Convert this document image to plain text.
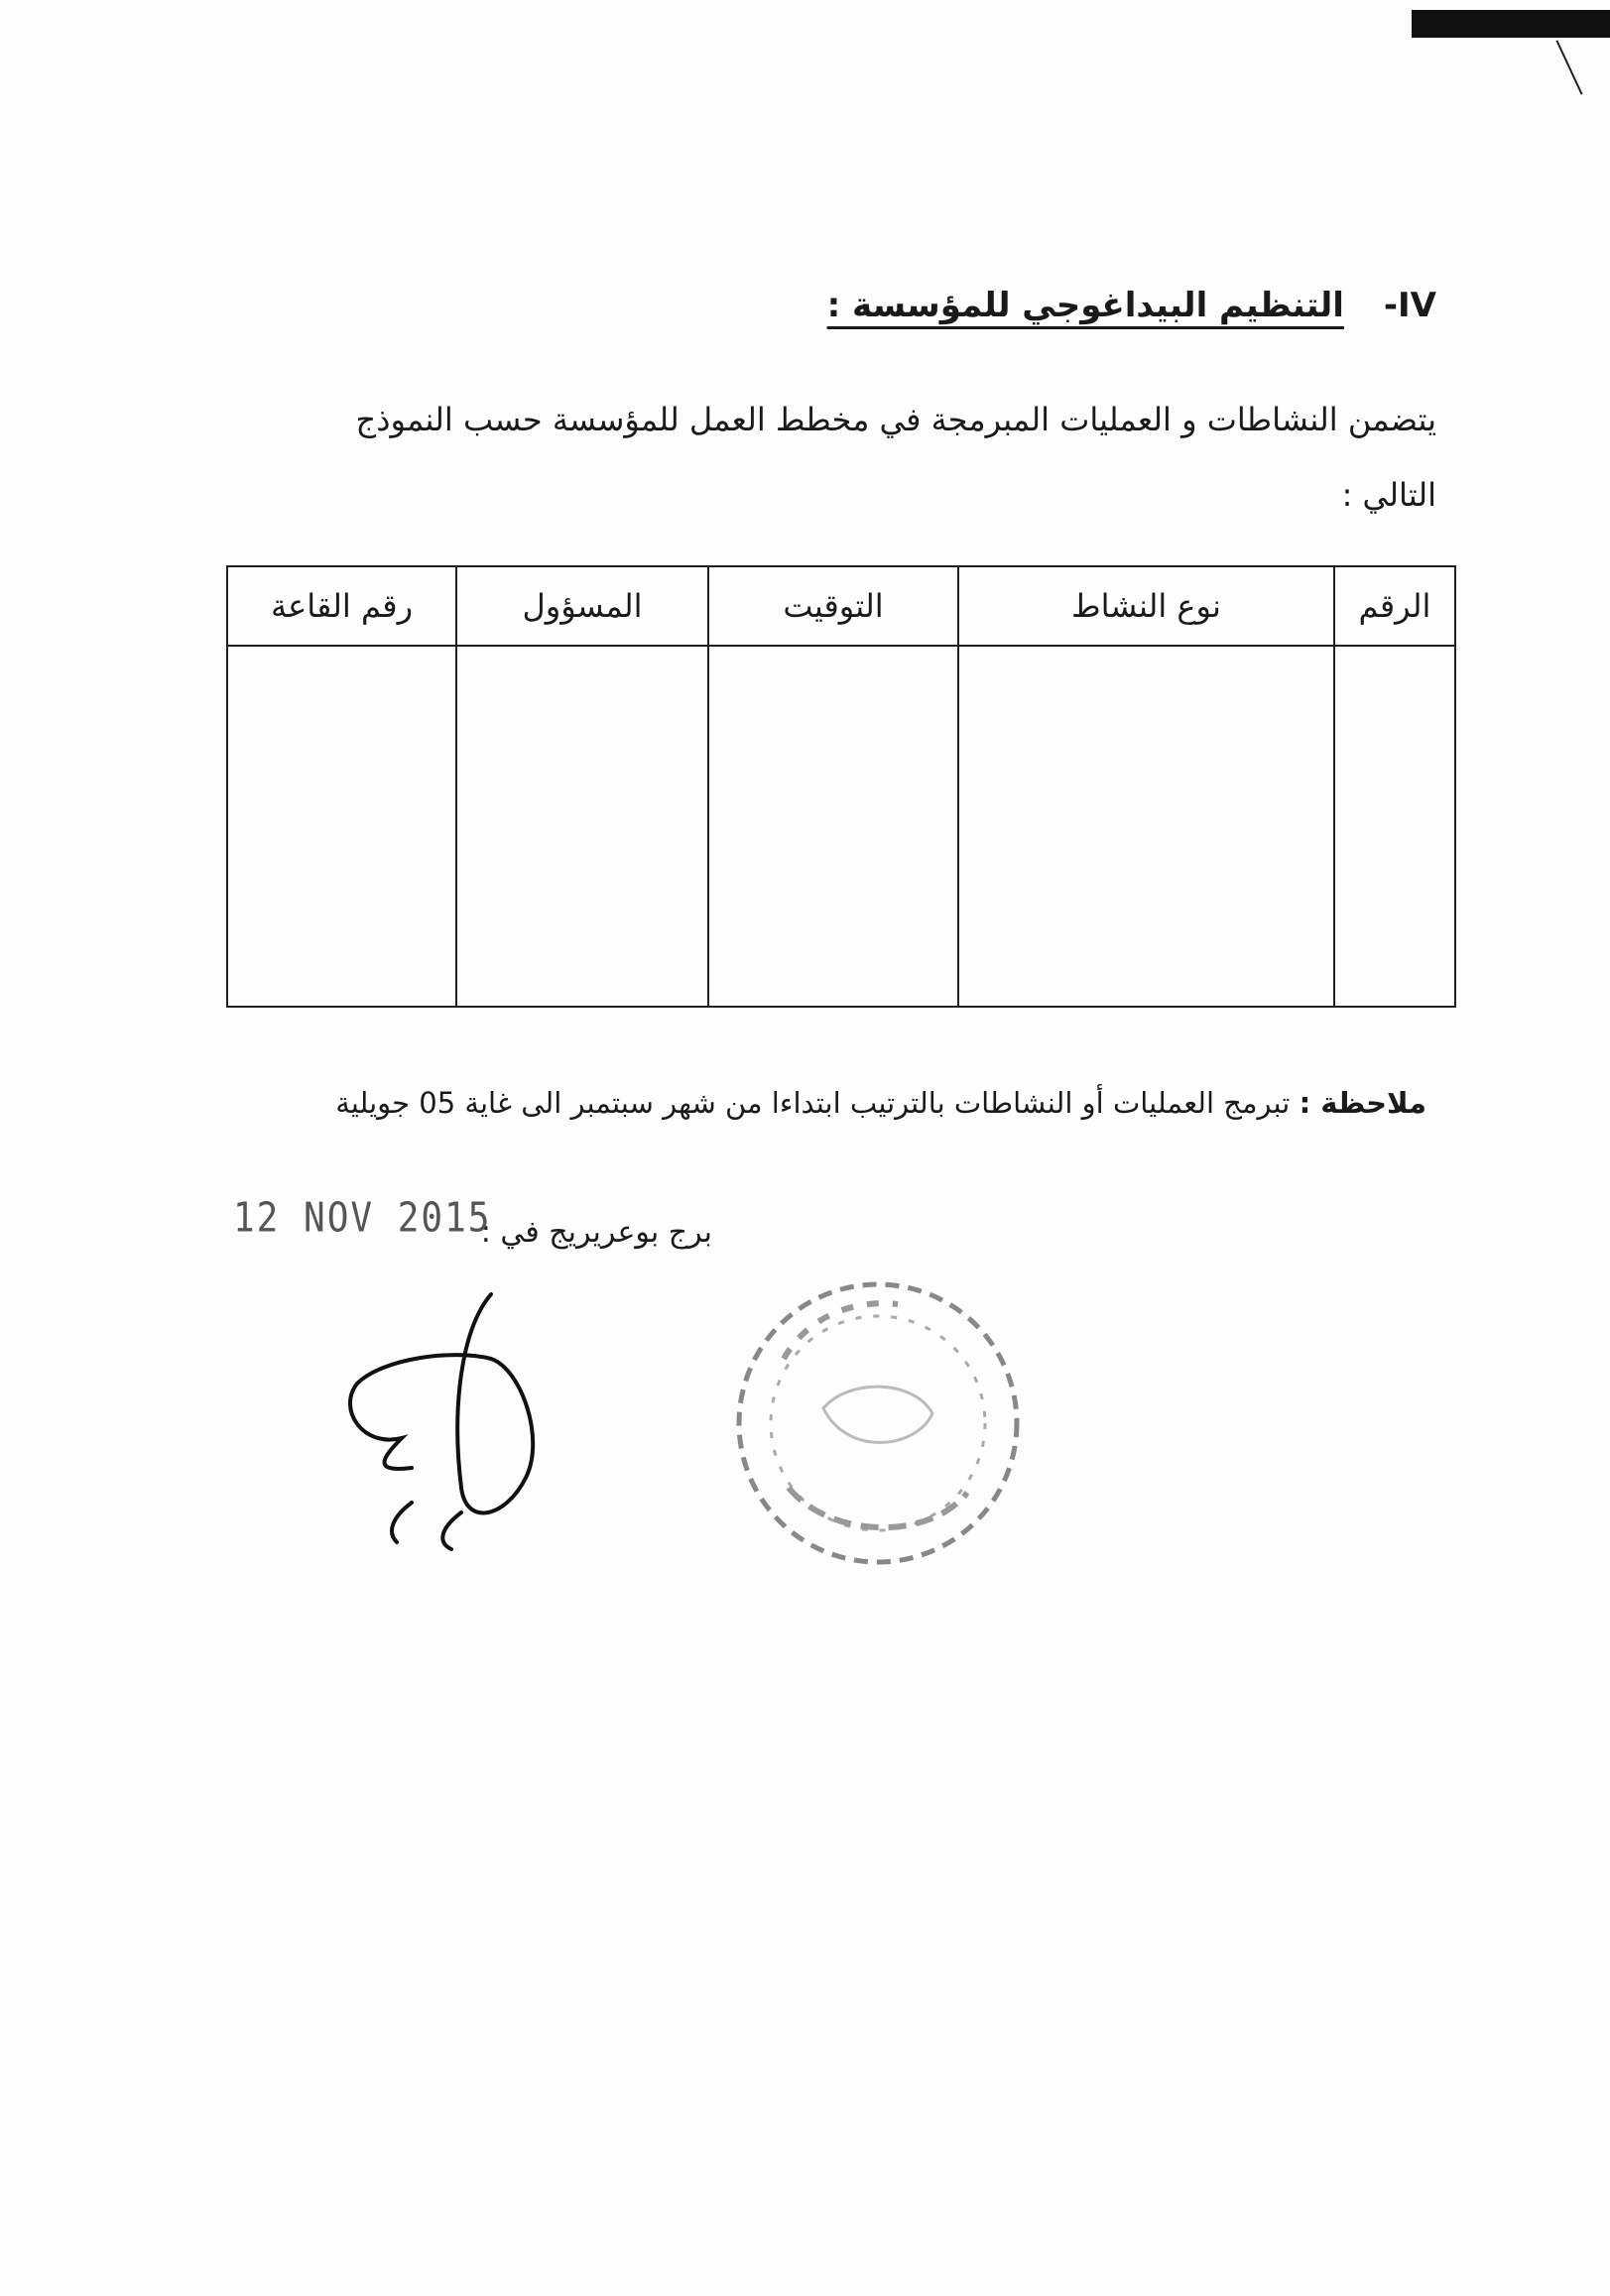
IV-
التنظيم البيداغوجي للمؤسسة :
يتضمن النشاطات و العمليات المبرمجة في مخطط العمل للمؤسسة حسب النموذج التالي :
الرقم	نوع النشاط	التوقيت	المسؤول	رقم القاعة

ملاحظة : تبرمج العمليات أو النشاطات بالترتيب ابتداءا من شهر سبتمبر الى غاية 05 جويلية
برج بوعريريج في :
12 NOV 2015
